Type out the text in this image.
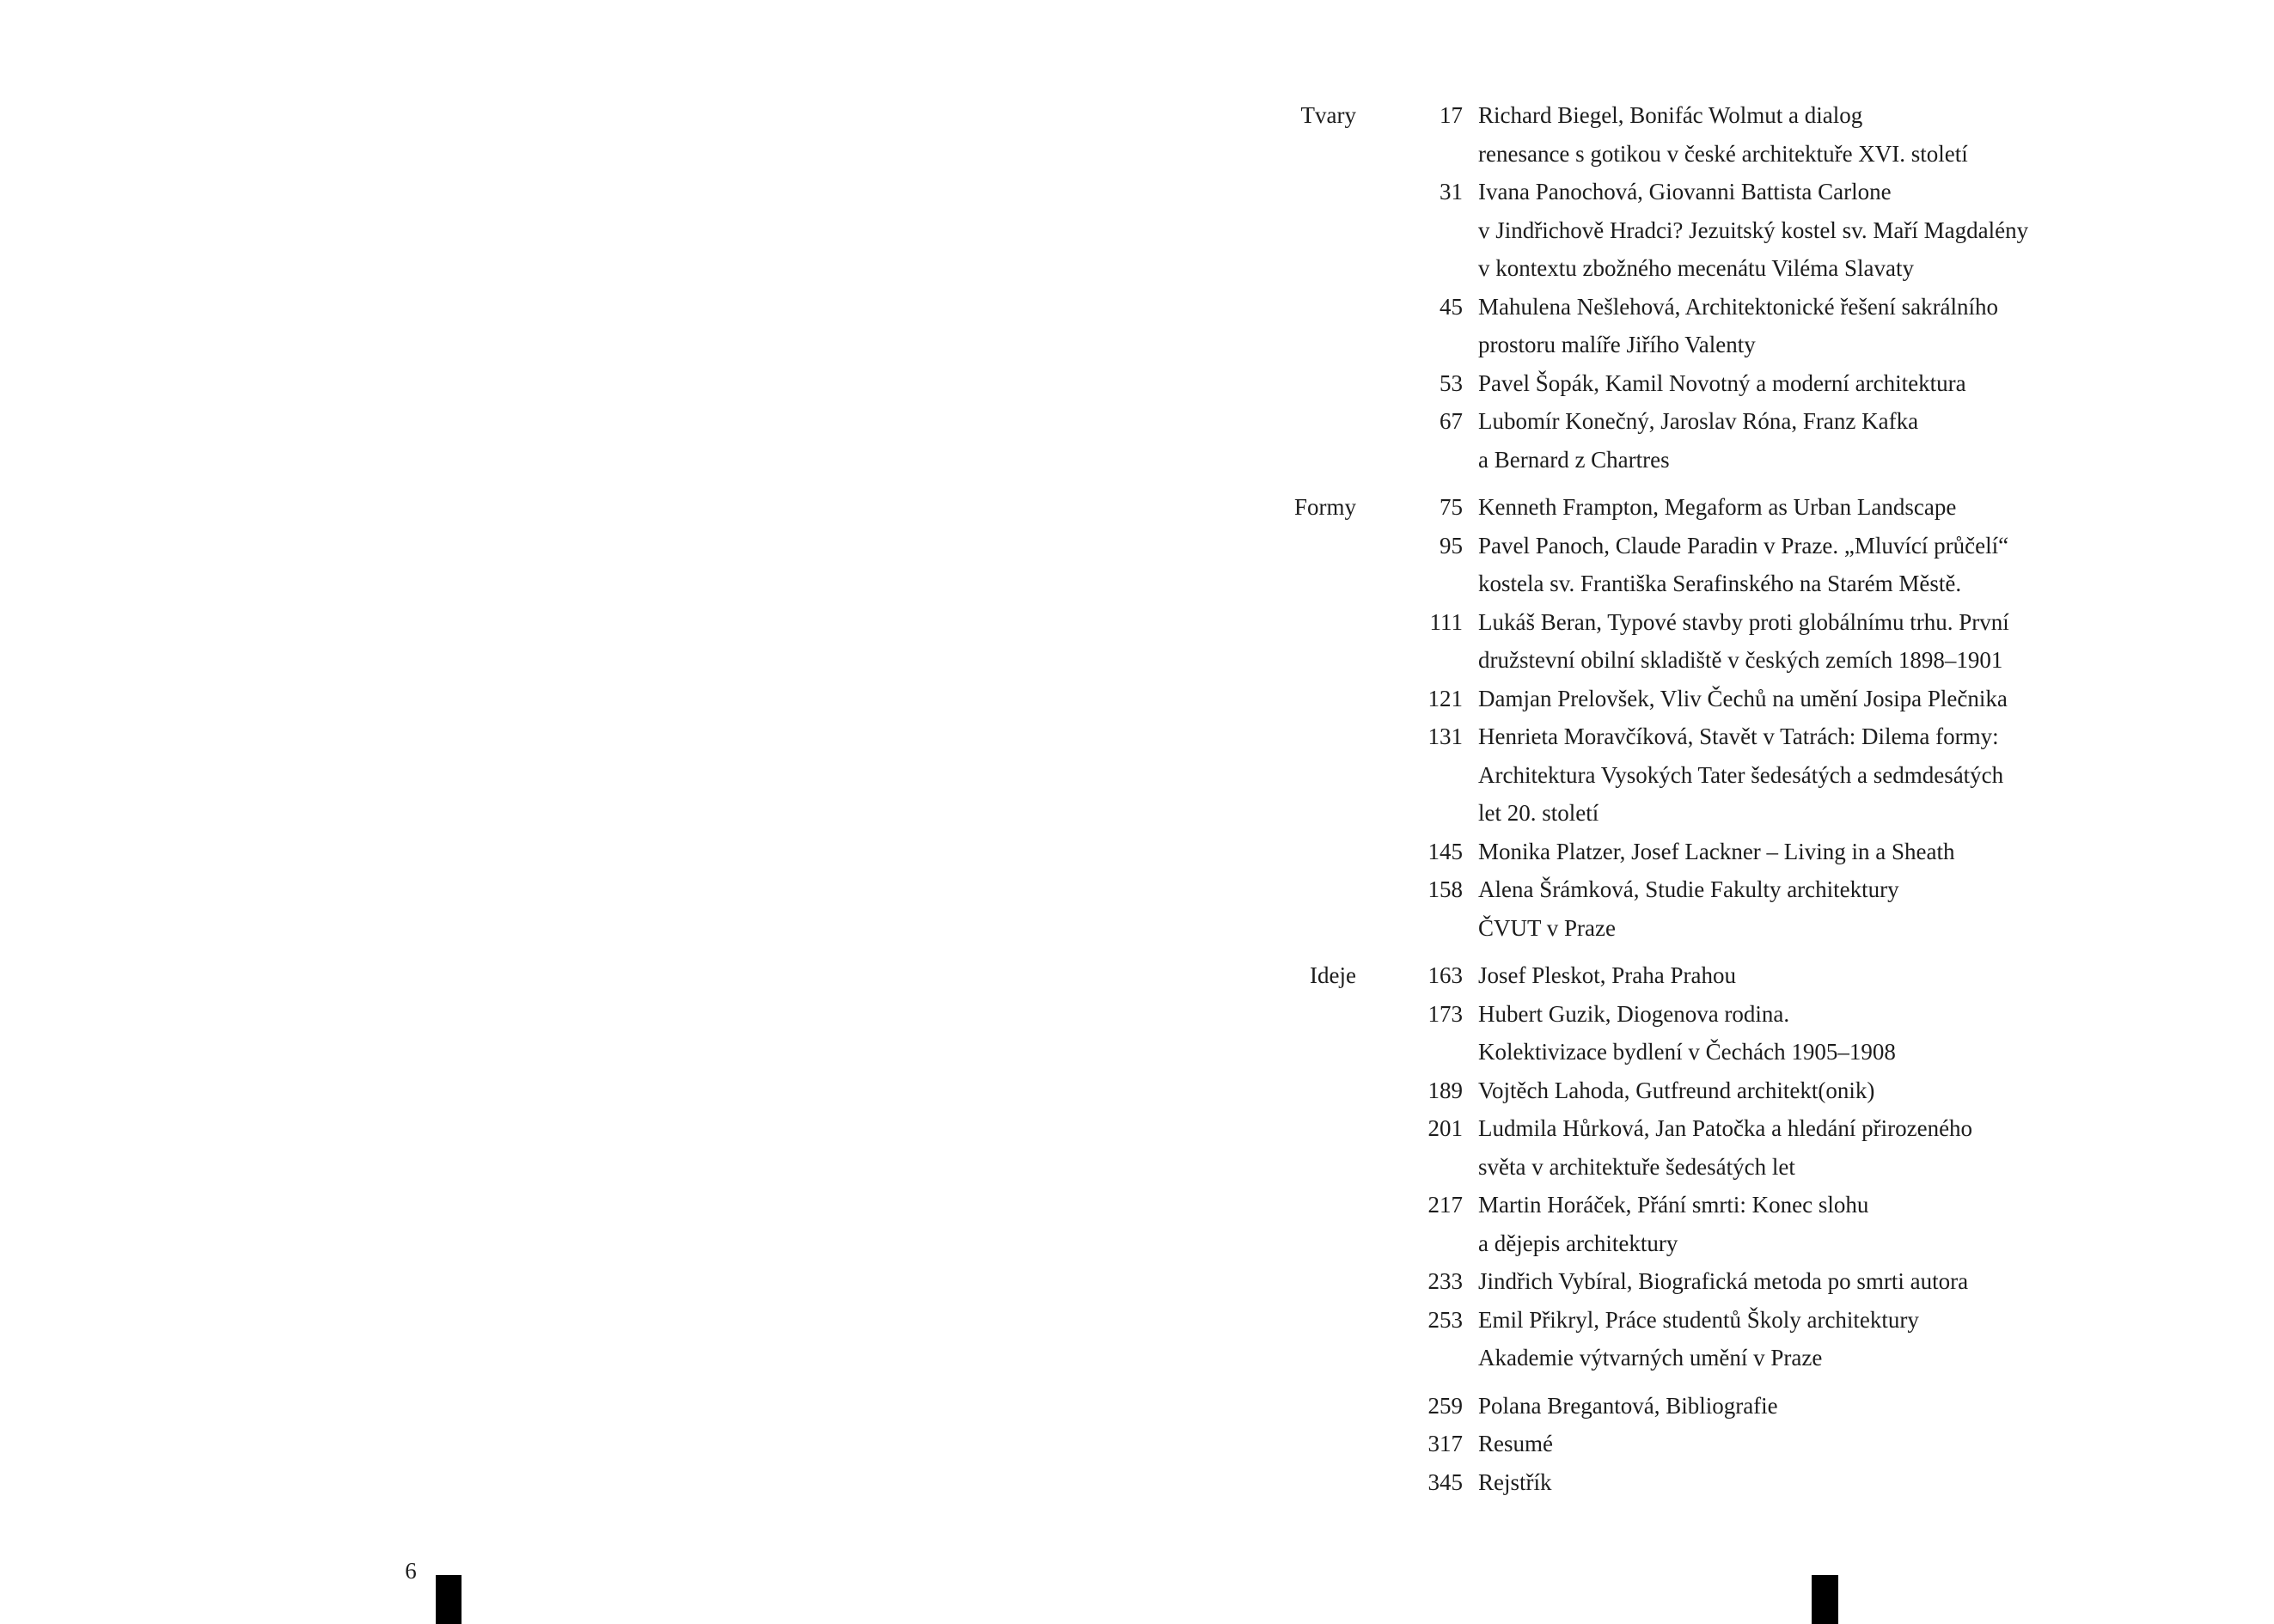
Tvary	17 Richard Biegel, Bonifác Wolmut a dialog
renesance s gotikou v české architektuře XVI. století
31 Ivana Panochová, Giovanni Battista Carlone
v Jindřichově Hradci? Jezuitský kostel sv. Maří Magdalény
v kontextu zbožného mecenátu Viléma Slavaty
45 Mahulena Nešlehová, Architektonické řešení sakrálního
prostoru malíře Jiřího Valenty
53 Pavel Šopák, Kamil Novotný a moderní architektura
67 Lubomír Konečný, Jaroslav Róna, Franz Kafka
a Bernard z Chartres
Formy	75 Kenneth Frampton, Megaform as Urban Landscape
95 Pavel Panoch, Claude Paradin v Praze. „Mluvící průčelí“
kostela sv. Františka Serafinského na Starém Městě.
111 Lukáš Beran, Typové stavby proti globálnímu trhu. První
družstevní obilní skladiště v českých zemích 1898–1901
121 Damjan Prelovšek, Vliv Čechů na umění Josipa Plečnika
131 Henrieta Moravčíková, Stavět v Tatrách: Dilema formy:
Architektura Vysokých Tater šedesátých a sedmdesátých
let 20. století
145 Monika Platzer, Josef Lackner – Living in a Sheath
158 Alena Šrámková, Studie Fakulty architektury
ČVUT v Praze
Ideje	163 Josef Pleskot, Praha Prahou
173 Hubert Guzik, Diogenova rodina.
Kolektivizace bydlení v Čechách 1905–1908
189 Vojtěch Lahoda, Gutfreund architekt(onik)
201 Ludmila Hůrková, Jan Patočka a hledání přirozeného
světa v architektuře šedesátých let
217 Martin Horáček, Přání smrti: Konec slohu
a dějepis architektury
233 Jindřich Vybíral, Biografická metoda po smrti autora
253 Emil Přikryl, Práce studentů Školy architektury
Akademie výtvarných umění v Praze
259 Polana Bregantová, Bibliografie
317 Resumé
345 Rejstřík
6
